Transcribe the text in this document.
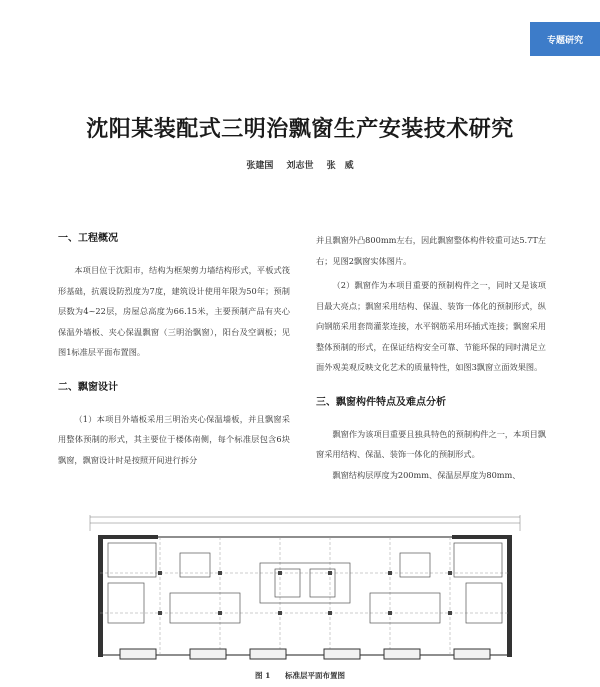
专题研究
沈阳某装配式三明治飘窗生产安装技术研究
张建国 刘志世 张　威

一、工程概况

本项目位于沈阳市，结构为框架剪力墙结构形式，平板式筏形基础，抗震设防烈度为7度，建筑设计使用年限为50年；预制层数为4~22层，房屋总高度为66.15米，主要预制产品有夹心保温外墙板、夹心保温飘窗（三明治飘窗），阳台及空调板；见图1标准层平面布置图。

二、飘窗设计

（1）本项目外墙板采用三明治夹心保温墙板，并且飘窗采用整体预制的形式，其主要位于楼体南侧，每个标准层包含6块飘窗，飘窗设计时是按照开间进行拆分

并且飘窗外凸800mm左右，因此飘窗整体构件较重可达5.7T左右；见图2飘窗实体图片。

（2）飘窗作为本项目重要的预制构件之一，同时又是该项目最大亮点；飘窗采用结构、保温、装饰一体化的预制形式，纵向钢筋采用套筒灌浆连接，水平钢筋采用环插式连接；飘窗采用整体预制的形式，在保证结构安全可靠、节能环保的同时满足立面外观美观反映文化艺术的质量特性，如图3飘窗立面效果图。

三、飘窗构件特点及难点分析

飘窗作为该项目重要且独具特色的预制构件之一，本项目飘窗采用结构、保温、装饰一体化的预制形式。

飘窗结构层厚度为200mm、保温层厚度为80mm、

图 1 标准层平面布置图
